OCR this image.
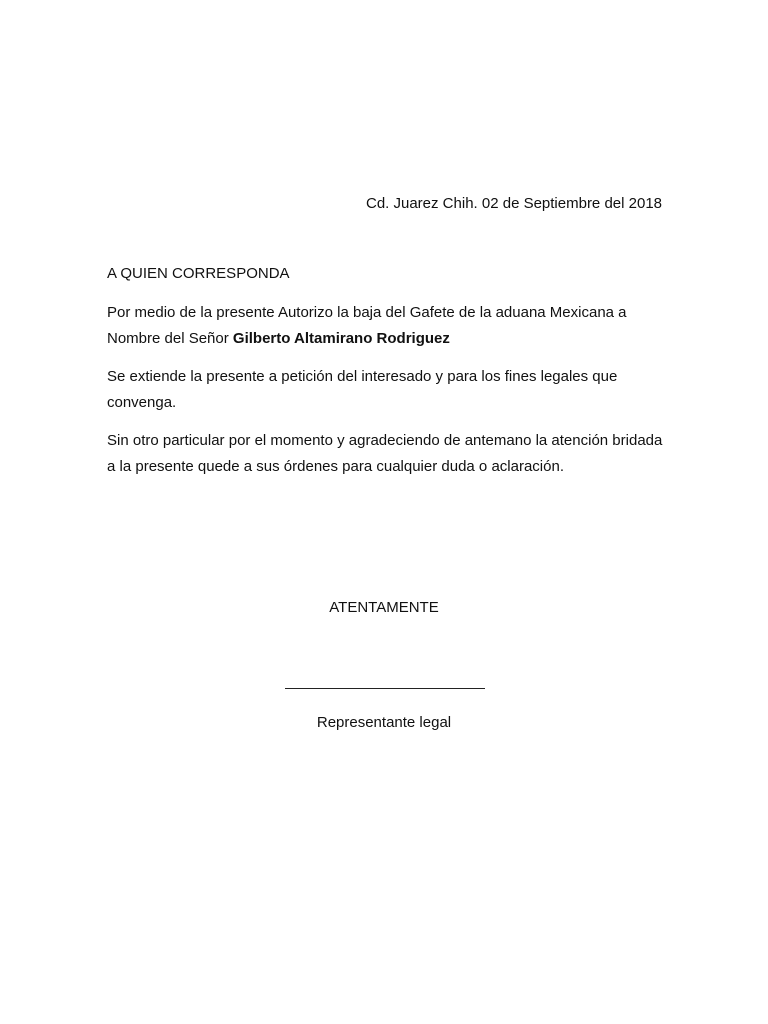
Cd. Juarez Chih. 02 de Septiembre del 2018
A QUIEN CORRESPONDA
Por medio de la presente Autorizo la baja del Gafete de la aduana Mexicana a Nombre del Señor Gilberto Altamirano Rodriguez
Se extiende la presente a petición del interesado y para los fines legales que convenga.
Sin otro particular por el momento y agradeciendo de antemano la atención bridada a la presente quede a sus órdenes para cualquier duda o aclaración.
ATENTAMENTE
Representante legal
